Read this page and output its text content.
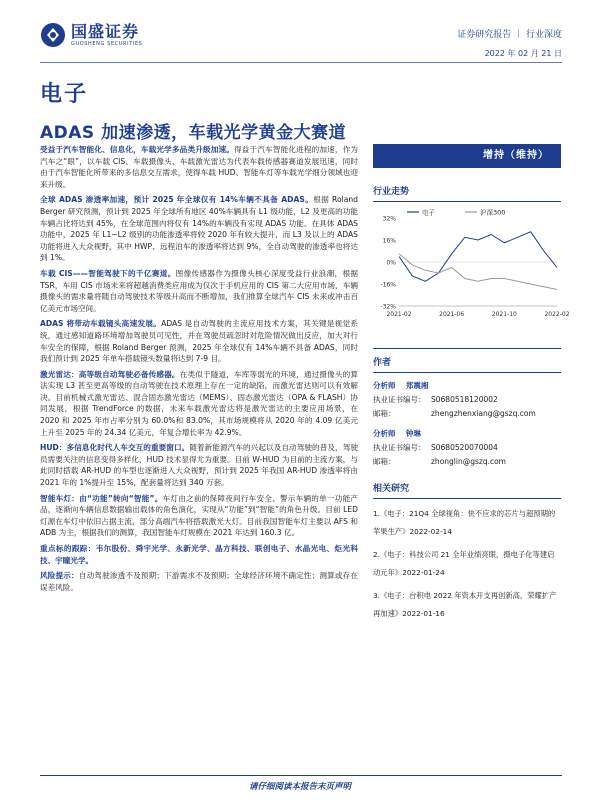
国盛证券
GUOSHENG SECURITIES
证券研究报告 ｜ 行业深度
2022 年 02 月 21 日
电子
ADAS 加速渗透，车载光学黄金大赛道

受益于汽车智能化、信息化，车载光学多品类升级加速。得益于汽车智能化进程的加速，作为汽车之“眼”，以车载 CIS、车载摄像头、车载激光雷达为代表车载传感器赛道发展迅速，同时由于汽车智能化所带来的多信息交互需求，使得车载 HUD、智能车灯等车载光学细分领域也迎来升级。

全球 ADAS 渗透率加速，预计 2025 年全球仅有 14%车辆不具备 ADAS。根据 Roland Berger 研究预测，预计到 2025 年全球所有地区 40%车辆具有 L1 级功能，L2 及更高的功能车辆占比将达到 45%，在全球范围内将仅有 14%的车辆没有实现 ADAS 功能。在具体 ADAS 功能中，2025 年 L1~L2 级别的功能渗透率将较 2020 年有较大提升，而 L3 及以上的 ADAS 功能将进入大众视野，其中 HWP、远程泊车的渗透率将达到 9%，全自动驾驶的渗透率也将达到 1%。

车载 CIS——智能驾驶下的千亿赛道。图像传感器作为摄像头核心深度受益行业浪潮，根据 TSR，车用 CIS 市场未来将超越消费类应用成为仅次于手机应用的 CIS 第二大应用市场，车辆摄像头的需求量将随自动驾驶技术等级升高而不断增加，我们推算全球汽车 CIS 未来或冲击百亿美元市场空间。

ADAS 将带动车载镜头高速发展。ADAS 是自动驾驶的主流应用技术方案，其关键是视觉系统，通过感知道路环境增加驾驶员可见性，并在驾驶员疏忽时对危险情况做出反应，加大对行车安全的保障，根据 Roland Berger 预测，2025 年全球仅有 14%车辆不具备 ADAS，同时我们预计到 2025 年单车搭载镜头数量将达到 7-9 目。

激光雷达：高等级自动驾驶必备传感器。在类似于隧道，车库等弱光的环境，通过摄像头的算法实现 L3 甚至更高等级的自动驾驶在技术原理上存在一定的缺陷，而激光雷达则可以有效解决。目前机械式激光雷达、混合固态激光雷达（MEMS）、固态激光雷达（OPA & FLASH）协同发展，根据 TrendForce 的数据，未来车载激光雷达将是激光雷达的主要应用场景，在 2020 和 2025 年市占率分别为 60.0%和 83.0%，其市场规模将从 2020 年的 4.09 亿美元上升至 2025 年的 24.34 亿美元，年复合增长率为 42.9%。

HUD：多信息化时代人车交互的重要窗口。随着新能源汽车的兴起以及自动驾驶的普及，驾驶员需要关注的信息变得多样化，HUD 技术显得尤为重要。目前 W-HUD 为目前的主流方案，与此同时搭载 AR-HUD 的车型也逐渐进入大众视野，预计到 2025 年我国 AR-HUD 渗透率将由 2021 年的 1%提升至 15%，配套量将达到 340 万套。

智能车灯：由“功能”转向“智能”。车灯由之前的保障夜间行车安全、警示车辆的单一功能产品，逐渐向车辆信息数据输出载体的角色演化，实现从“功能”到“智能”的角色升级。目前 LED 灯源在车灯中依旧占据主流，部分高端汽车将搭载激光大灯。目前我国智能车灯主要以 AFS 和 ADB 为主，根据我们的测算，我国智能车灯规模在 2021 年达到 160.3 亿。

重点标的跟踪：韦尔股份、舜宇光学、永新光学、晶方科技、联创电子、水晶光电、炬光科技、宇瞳光学。

风险提示：自动驾驶渗透不及预期；下游需求不及预期；全球经济环境不确定性；测算或存在误差风险。

增持（维持）
行业走势
32%
16%
0%
-16%
-32%
2021-02	2021-06	2021-10	2022-02
电子	沪深300
作者
分析师 郑震湘
执业证书编号： S0680518120002
邮箱：	zhengzhenxiang@gszq.com
分析师 钟琳
执业证书编号： S0680520070004
邮箱：	zhonglin@gszq.com
相关研究
1.《电子：21Q4 全球视角：快不应求的芯片与超预期的苹果生产》2022-02-14
2.《电子：科技公司 21 全年业绩亮眼，摄电子化等建启动元年》2022-01-24
3.《电子：台积电 2022 年资本开支再创新高，荣耀扩产再加速》2022-01-16
请仔细阅读本报告末页声明
